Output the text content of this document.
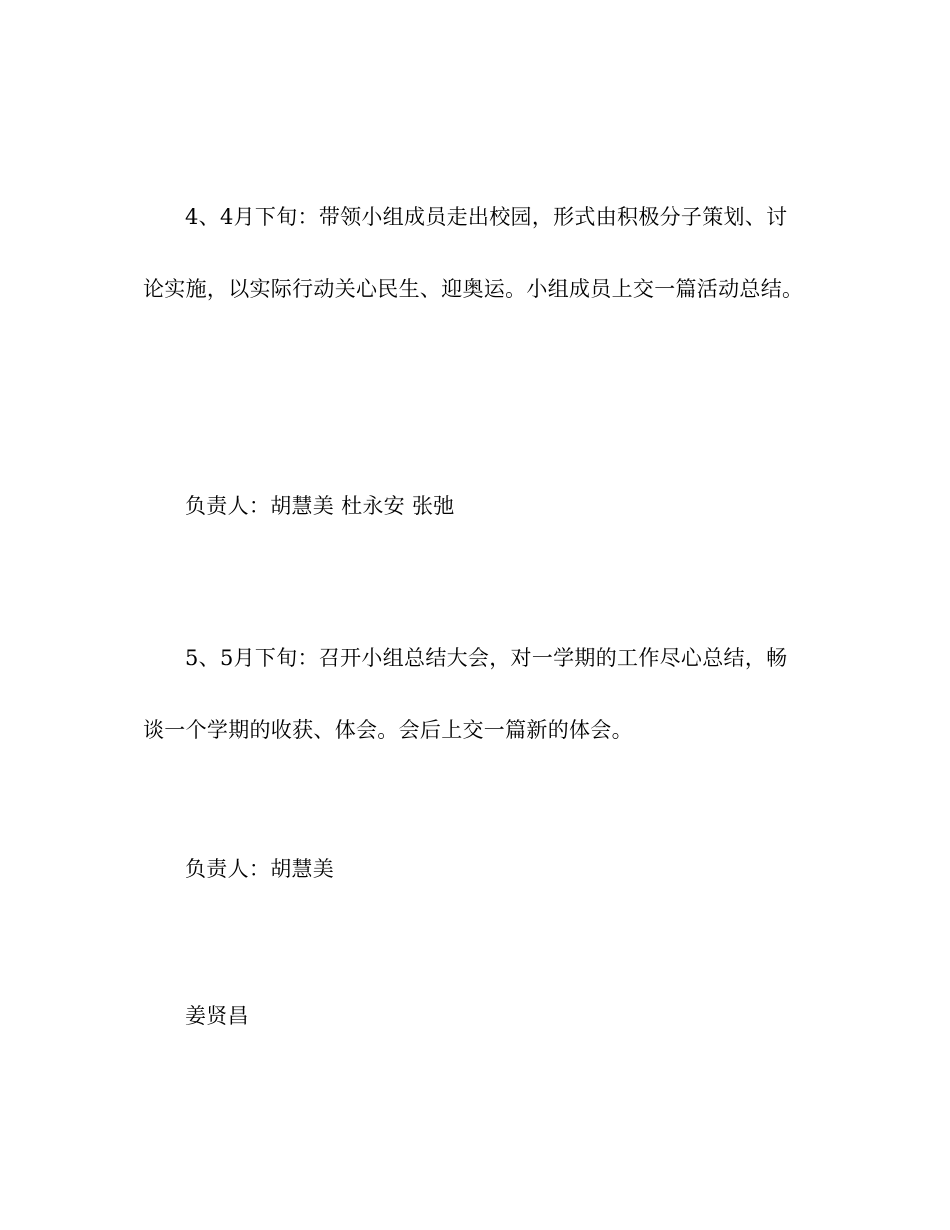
4、4月下旬：带领小组成员走出校园，形式由积极分子策划、讨论实施，以实际行动关心民生、迎奥运。小组成员上交一篇活动总结。

负责人：胡慧美 杜永安 张弛

5、5月下旬：召开小组总结大会，对一学期的工作尽心总结，畅谈一个学期的收获、体会。会后上交一篇新的体会。

负责人：胡慧美

姜贤昌
